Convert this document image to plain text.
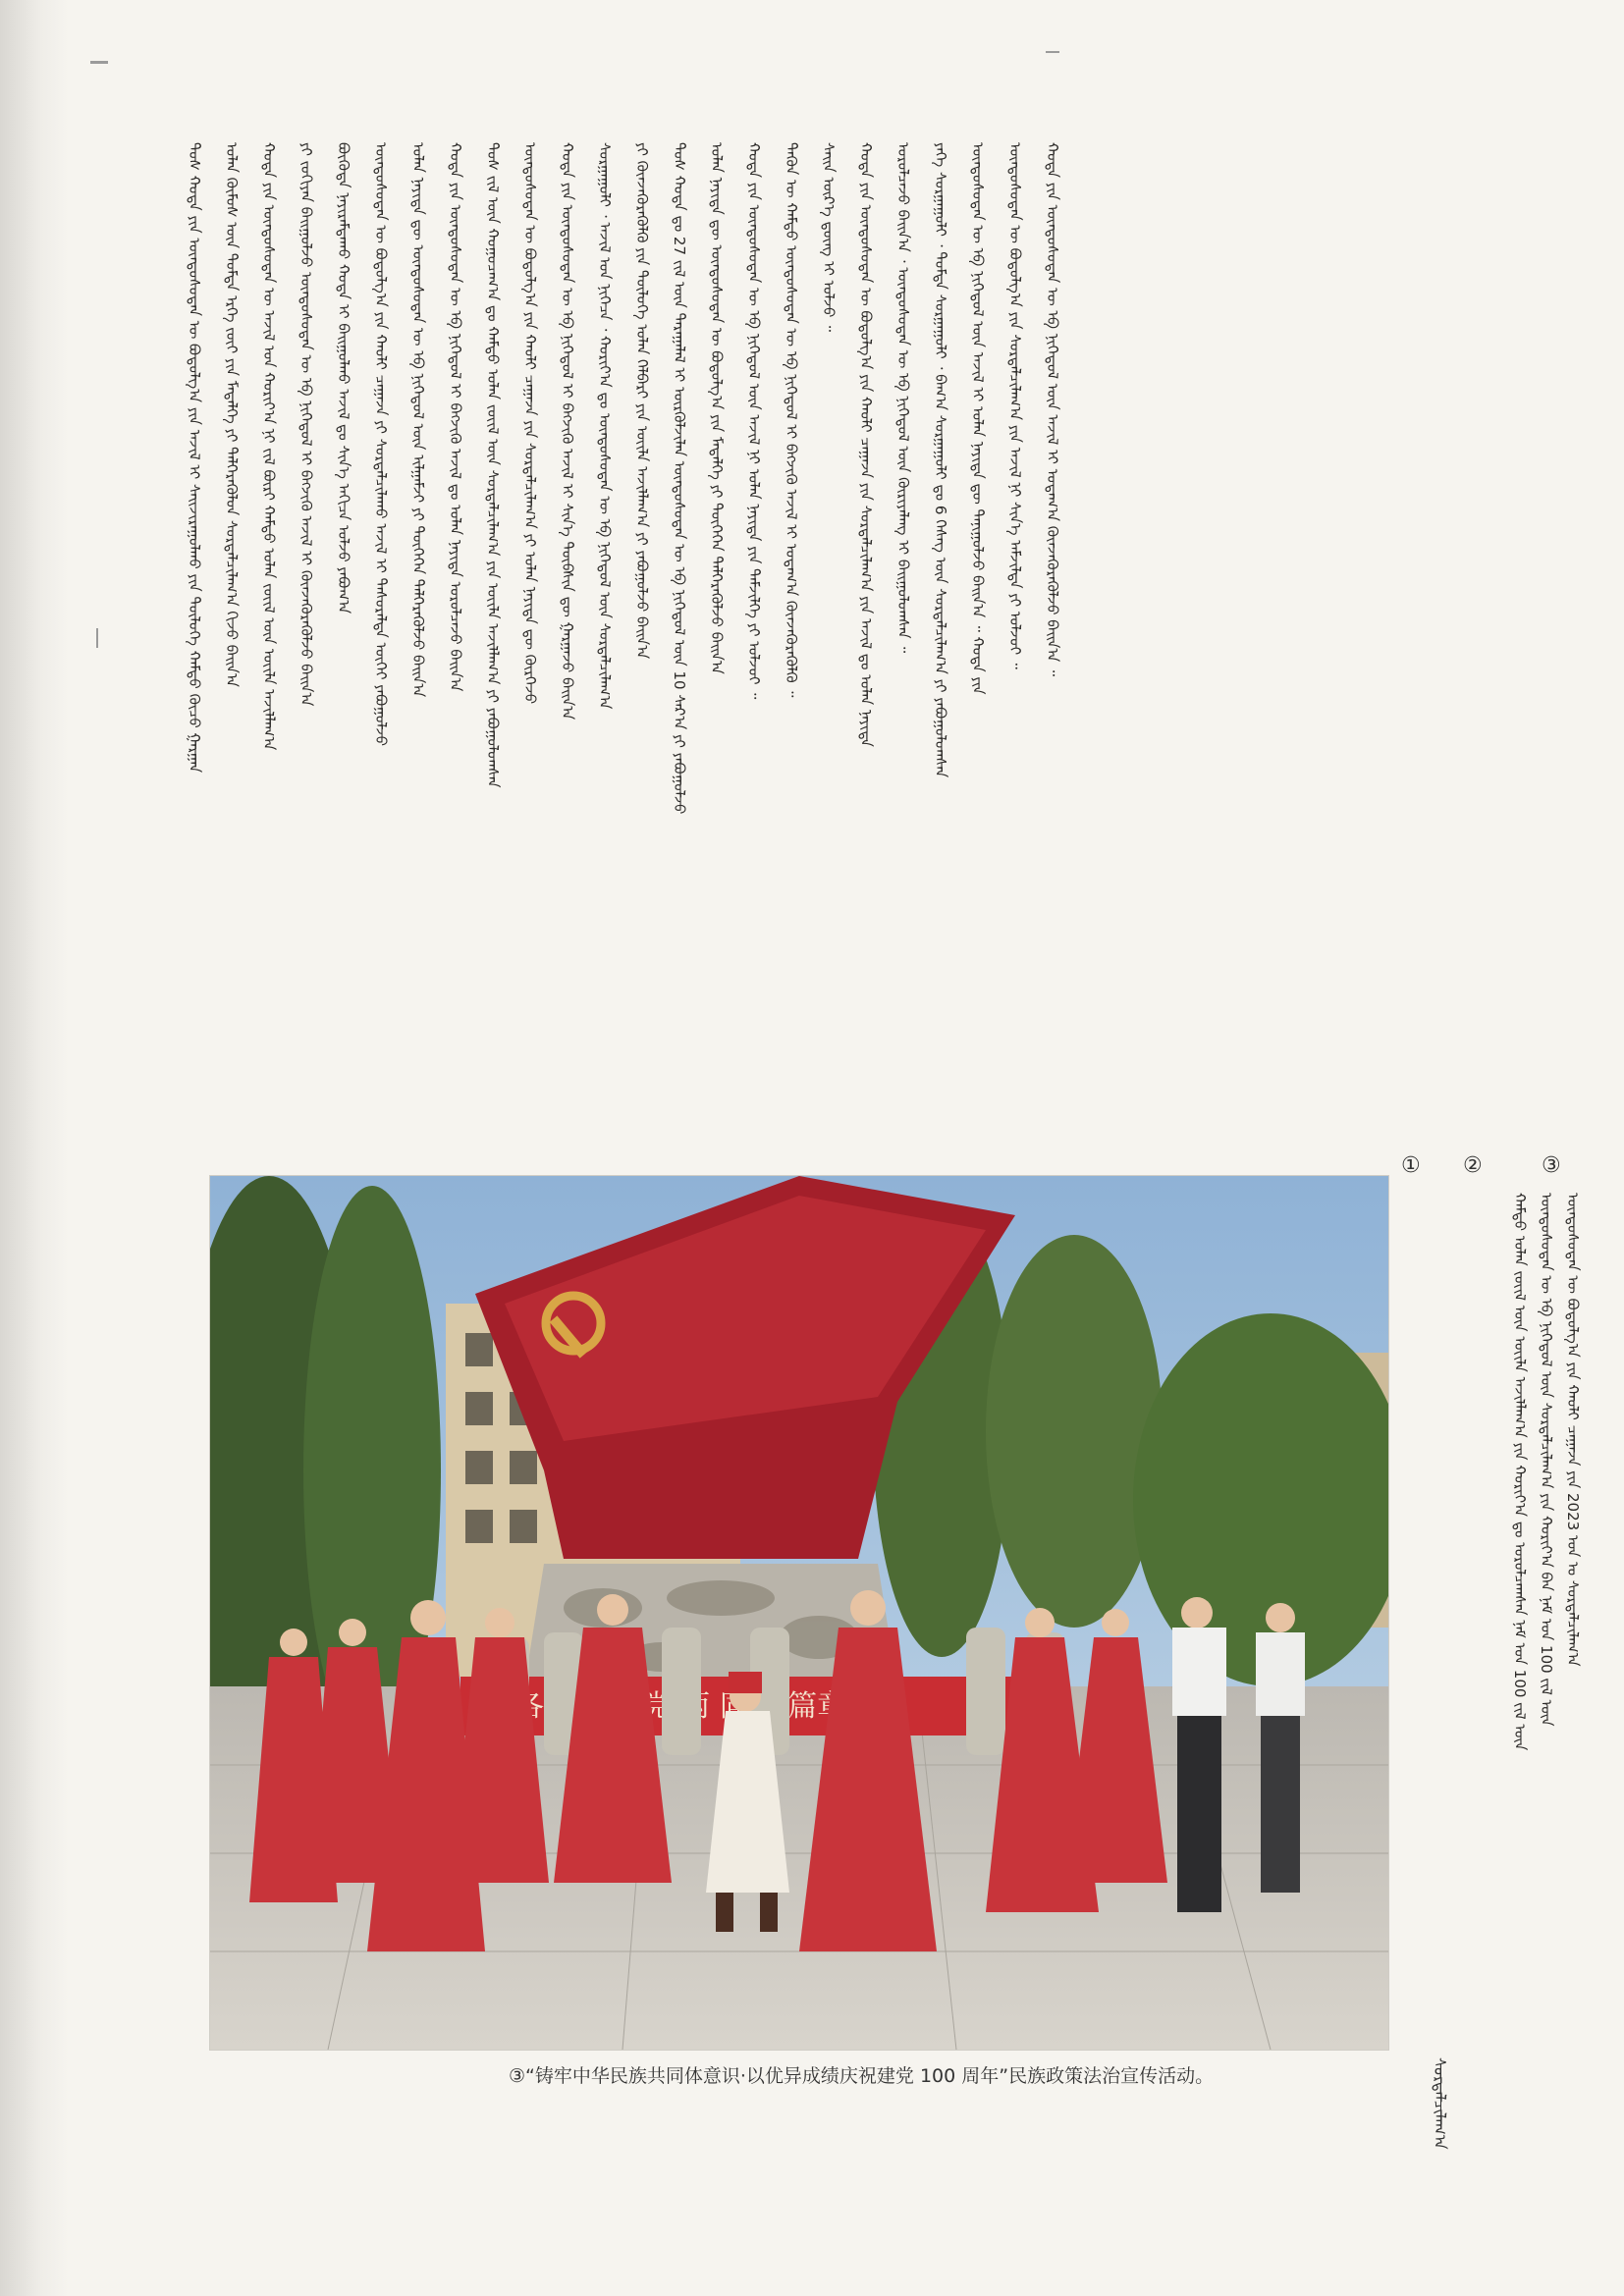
ᠲᠤᠰ ᠬᠣᠲᠠ ᠶᠢᠨ ᠦᠨᠳᠦᠰᠦᠲᠡᠨ ᠦ ᠪᠣᠳᠤᠯᠭ᠎ᠠ ᠶᠢᠨ ᠠᠵᠢᠯ ᠢ ᠰᠠᠢᠵᠢᠷᠠᠭᠤᠯᠬᠤ ᠶᠢᠨ ᠲᠥᠯᠦᠭᠡ ᠬᠠᠮᠲᠤ ᠬᠦᠴᠦ ᠭᠠᠷᠭᠠᠨ ᠣᠯᠠᠨ ᠬᠦᠮᠦᠰ ᠦᠨ ᠳᠤᠮᠳᠠ ᠡᠷᠬᠡ ᠵᠦᠢ ᠶᠢᠨ ᠮᠡᠳᠡᠯᠭᠡ ᠶᠢ ᠳᠡᠯᠭᠡᠷᠡᠭᠦᠯᠦᠨ ᠰᠤᠷᠲᠠᠯᠴᠢᠯᠠᠭ᠎ᠠ ᠬᠢᠵᠦ ᠪᠠᠢᠨ᠎ᠠ ᠬᠣᠲᠠ ᠶᠢᠨ ᠦᠨᠳᠦᠰᠦᠲᠡᠨ ᠦ ᠠᠵᠢᠯ ᠤᠨ ᠬᠣᠷᠢᠶ᠎ᠠ ᠨᠢ ᠵᠢᠯ ᠪᠦᠷᠢ ᠬᠠᠮᠲᠤ ᠣᠯᠠᠨ ᠵᠦᠢᠯ ᠦᠨ ᠦᠢᠯᠡ ᠠᠵᠢᠯᠯᠠᠭ᠎ᠠ ᠶᠢ ᠵᠣᠬᠢᠶᠠᠨ ᠪᠠᠢᠭᠤᠯᠵᠤ ᠦᠨᠳᠦᠰᠦᠲᠡᠨ ᠦ ᠡᠪ ᠨᠢᠭᠡᠳᠦᠯ ᠢ ᠪᠡᠬᠵᠢᠬᠦ ᠠᠵᠢᠯ ᠢ ᠭᠦᠨᠵᠡᠭᠦᠷᠡᠭᠦᠯᠵᠦ ᠪᠠᠢᠨ᠎ᠠ ᠪᠦᠭᠦᠳᠡ ᠨᠠᠶᠢᠷᠠᠮᠳᠠᠬᠤ ᠬᠣᠲᠠ ᠢ ᠪᠠᠢᠭᠤᠯᠬᠤ ᠠᠵᠢᠯ ᠳᠤ ᠰᠢᠨ᠎ᠡ ᠠᠬᠢᠴᠠ ᠣᠯᠵᠤ ᠶᠠᠪᠤᠭ᠎ᠠ ᠦᠨᠳᠦᠰᠦᠲᠡᠨ ᠦ ᠪᠣᠳᠤᠯᠭ᠎ᠠ ᠶᠢᠨ ᠬᠠᠤᠯᠢ ᠴᠠᠭᠠᠵᠠ ᠶᠢ ᠰᠤᠷᠲᠠᠯᠴᠢᠯᠠᠬᠤ ᠠᠵᠢᠯ ᠢ ᠲᠠᠰᠤᠷᠠᠯᠲᠠ ᠦᠭᠡᠢ ᠶᠠᠪᠤᠭᠤᠯᠵᠤ ᠣᠯᠠᠨ ᠨᠡᠶᠢᠲᠡ ᠳᠦ ᠦᠨᠳᠦᠰᠦᠲᠡᠨ ᠦ ᠡᠪ ᠨᠢᠭᠡᠳᠦᠯ ᠦᠨ ᠢᠯᠭᠠᠮᠵᠢ ᠶᠢ ᠲᠦᠭᠡᠬᠡᠨ ᠳᠡᠯᠭᠡᠷᠡᠭᠦᠯᠵᠦ ᠪᠠᠢᠨ᠎ᠠ ᠬᠣᠲᠠ ᠶᠢᠨ ᠦᠨᠳᠦᠰᠦᠲᠡᠨ ᠦ ᠡᠪ ᠨᠢᠭᠡᠳᠦᠯ ᠢ ᠪᠡᠬᠵᠢᠬᠦ ᠠᠵᠢᠯ ᠳᠤ ᠣᠯᠠᠨ ᠨᠡᠶᠢᠲᠡ ᠣᠷᠤᠯᠴᠠᠵᠤ ᠪᠠᠢᠨ᠎ᠠ ᠲᠤᠰ ᠵᠢᠯ ᠦᠨ ᠬᠤᠭᠤᠴᠠᠭ᠎ᠠ ᠳᠤ ᠬᠠᠮᠲᠤ ᠣᠯᠠᠨ ᠵᠦᠢᠯ ᠦᠨ ᠰᠤᠷᠲᠠᠯᠴᠢᠯᠠᠭ᠎ᠠ ᠶᠢᠨ ᠦᠢᠯᠡ ᠠᠵᠢᠯᠯᠠᠭ᠎ᠠ ᠶᠢ ᠶᠠᠪᠤᠭᠤᠯᠤᠭᠰᠠᠨ ᠦᠨᠳᠦᠰᠦᠲᠡᠨ ᠦ ᠪᠣᠳᠤᠯᠭ᠎ᠠ ᠶᠢᠨ ᠬᠠᠤᠯᠢ ᠴᠠᠭᠠᠵᠠ ᠶᠢᠨ ᠰᠤᠷᠲᠠᠯᠴᠢᠯᠠᠭ᠎ᠠ ᠶᠢ ᠣᠯᠠᠨ ᠨᠡᠶᠢᠲᠡ ᠳᠦ ᠬᠦᠷᠭᠡᠵᠦ ᠬᠣᠲᠠ ᠶᠢᠨ ᠦᠨᠳᠦᠰᠦᠲᠡᠨ ᠦ ᠡᠪ ᠨᠢᠭᠡᠳᠦᠯ ᠢ ᠪᠡᠬᠵᠢᠬᠦ ᠠᠵᠢᠯ ᠢ ᠰᠢᠨ᠎ᠡ ᠲᠦᠪᠰᠢᠨ ᠳᠦ ᠭᠠᠷᠭᠠᠵᠤ ᠪᠠᠢᠨ᠎ᠠ ᠰᠤᠷᠭᠠᠭᠤᠯᠢ ᠂ ᠠᠵᠢᠯ ᠤᠨ ᠨᠢᠭᠡᠴᠡ ᠂ ᠬᠣᠷᠢᠶ᠎ᠠ ᠳᠤ ᠦᠨᠳᠦᠰᠦᠲᠡᠨ ᠦ ᠡᠪ ᠨᠢᠭᠡᠳᠦᠯ ᠦᠨ ᠰᠤᠷᠲᠠᠯᠴᠢᠯᠠᠭ᠎ᠠ ᠶᠢ ᠭᠦᠨᠵᠡᠭᠦᠷᠡᠭᠦᠯᠬᠦ ᠶᠢᠨ ᠲᠥᠯᠦᠭᠡ ᠣᠯᠠᠨ ᠬᠡᠯᠪᠡᠷᠢ ᠶᠢᠨ ᠦᠢᠯᠡ ᠠᠵᠢᠯᠯᠠᠭ᠎ᠠ ᠶᠢ ᠶᠠᠪᠤᠭᠤᠯᠵᠤ ᠪᠠᠢᠨ᠎ᠠ ᠲᠤᠰ ᠬᠣᠲᠠ ᠳᠤ 27 ᠵᠢᠯ ᠦᠨ ᠳᠠᠷᠠᠭᠠᠯᠠᠯ ᠢ ᠦᠷᠭᠦᠯᠵᠢᠯᠡᠨ ᠦᠨᠳᠦᠰᠦᠲᠡᠨ ᠦ ᠡᠪ ᠨᠢᠭᠡᠳᠦᠯ ᠦᠨ 10 ᠰᠠᠷ᠎ᠠ ᠶᠢ ᠶᠠᠪᠤᠭᠤᠯᠵᠤ ᠣᠯᠠᠨ ᠨᠡᠶᠢᠲᠡ ᠳᠦ ᠦᠨᠳᠦᠰᠦᠲᠡᠨ ᠦ ᠪᠣᠳᠤᠯᠭ᠎ᠠ ᠶᠢᠨ ᠮᠡᠳᠡᠯᠭᠡ ᠶᠢ ᠲᠦᠭᠡᠬᠡᠨ ᠳᠡᠯᠭᠡᠷᠡᠭᠦᠯᠵᠦ ᠪᠠᠢᠨ᠎ᠠ ᠬᠣᠲᠠ ᠶᠢᠨ ᠦᠨᠳᠦᠰᠦᠲᠡᠨ ᠦ ᠡᠪ ᠨᠢᠭᠡᠳᠦᠯ ᠦᠨ ᠠᠵᠢᠯ ᠨᠢ ᠣᠯᠠᠨ ᠨᠡᠶᠢᠲᠡ ᠶᠢᠨ ᠳᠡᠮᠵᠢᠯᠭᠡ ᠶᠢ ᠣᠯᠵᠤᠢ ᠃ ᠲᠡᠭᠦᠨ ᠦ ᠬᠠᠮᠲᠤ ᠦᠨᠳᠦᠰᠦᠲᠡᠨ ᠦ ᠡᠪ ᠨᠢᠭᠡᠳᠦᠯ ᠢ ᠪᠡᠬᠵᠢᠬᠦ ᠠᠵᠢᠯ ᠢ ᠤᠳᠠᠭ᠎ᠠ ᠭᠦᠨᠵᠡᠭᠦᠷᠡᠭᠦᠯᠬᠦ ᠃ ᠰᠠᠢᠨ ᠦᠷ᠎ᠡ ᠳ᠋ᠦᠩ ᠢ ᠣᠯᠵᠤ ᠃ ᠬᠣᠲᠠ ᠶᠢᠨ ᠦᠨᠳᠦᠰᠦᠲᠡᠨ ᠦ ᠪᠣᠳᠤᠯᠭ᠎ᠠ ᠶᠢᠨ ᠬᠠᠤᠯᠢ ᠴᠠᠭᠠᠵᠠ ᠶᠢᠨ ᠰᠤᠷᠲᠠᠯᠴᠢᠯᠠᠭ᠎ᠠ ᠶᠢᠨ ᠠᠵᠢᠯ ᠳᠤ ᠣᠯᠠᠨ ᠨᠡᠶᠢᠲᠡ ᠣᠷᠤᠯᠴᠠᠵᠤ ᠪᠠᠢᠨ᠎ᠠ ᠂ ᠦᠨᠳᠦᠰᠦᠲᠡᠨ ᠦ ᠡᠪ ᠨᠢᠭᠡᠳᠦᠯ ᠦᠨ ᠬᠦᠷᠢᠶᠡᠯᠡᠩ ᠢ ᠪᠠᠢᠭᠤᠯᠤᠭᠰᠠᠨ ᠃ ᠶᠡᠬᠡ ᠰᠤᠷᠭᠠᠭᠤᠯᠢ ᠂ ᠳᠤᠮᠳᠠ ᠰᠤᠷᠭᠠᠭᠤᠯᠢ ᠂ ᠪᠠᠭ᠎ᠠ ᠰᠤᠷᠭᠠᠭᠤᠯᠢ ᠳᠤ 6 ᠬᠡᠰᠡᠭ ᠦᠨ ᠰᠤᠷᠲᠠᠯᠴᠢᠯᠠᠭ᠎ᠠ ᠶᠢ ᠶᠠᠪᠤᠭᠤᠯᠤᠭᠰᠠᠨ ᠦᠨᠳᠦᠰᠦᠲᠡᠨ ᠦ ᠡᠪ ᠨᠢᠭᠡᠳᠦᠯ ᠦᠨ ᠠᠵᠢᠯ ᠢ ᠣᠯᠠᠨ ᠨᠡᠶᠢᠲᠡ ᠳᠦ ᠲᠠᠨᠢᠭᠤᠯᠵᠤ ᠪᠠᠢᠨ᠎ᠠ ᠃ ᠬᠣᠲᠠ ᠶᠢᠨ ᠦᠨᠳᠦᠰᠦᠲᠡᠨ ᠦ ᠪᠣᠳᠤᠯᠭ᠎ᠠ ᠶᠢᠨ ᠰᠤᠷᠲᠠᠯᠴᠢᠯᠠᠭ᠎ᠠ ᠶᠢᠨ ᠠᠵᠢᠯ ᠨᠢ ᠰᠢᠨ᠎ᠡ ᠠᠮᠵᠢᠯᠲᠠ ᠶᠢ ᠣᠯᠵᠤᠢ ᠃ ᠬᠣᠲᠠ ᠶᠢᠨ ᠦᠨᠳᠦᠰᠦᠲᠡᠨ ᠦ ᠡᠪ ᠨᠢᠭᠡᠳᠦᠯ ᠦᠨ ᠠᠵᠢᠯ ᠢ ᠤᠳᠠᠭ᠎ᠠ ᠭᠦᠨᠵᠡᠭᠦᠷᠡᠭᠦᠯᠵᠦ ᠪᠠᠢᠨ᠎ᠠ ᠃
① ②	③
ᠬᠠᠮᠲᠤ ᠣᠯᠠᠨ ᠵᠦᠢᠯ ᠦᠨ ᠦᠢᠯᠡ ᠠᠵᠢᠯᠯᠠᠭ᠎ᠠ ᠶᠢᠨ ᠬᠣᠷᠢᠶ᠎ᠠ ᠳᠤ ᠣᠷᠤᠯᠴᠠᠭᠰᠠᠨ ᠨᠠᠮ ᠤᠨ 100 ᠵᠢᠯ ᠦᠨ ᠦᠨᠳᠦᠰᠦᠲᠡᠨ ᠦ ᠡᠪ ᠨᠢᠭᠡᠳᠦᠯ ᠦᠨ ᠰᠤᠷᠲᠠᠯᠴᠢᠯᠠᠭ᠎ᠠ ᠶᠢᠨ ᠬᠣᠷᠢᠶ᠎ᠠ ᠪᠠᠨ ᠨᠠᠮ ᠤᠨ 100 ᠵᠢᠯ ᠦᠨ ᠦᠨᠳᠦᠰᠦᠲᠡᠨ ᠦ ᠪᠣᠳᠤᠯᠭ᠎ᠠ ᠶᠢᠨ ᠬᠠᠤᠯᠢ ᠴᠠᠭᠠᠵᠠ ᠶᠢᠨ 2023 ᠣᠨ ᠤ ᠰᠤᠷᠲᠠᠯᠴᠢᠯᠠᠭ᠎ᠠ
新篇章
③“铸牢中华民族共同体意识·以优异成绩庆祝建党 100 周年”民族政策法治宣传活动。	ᠰᠤᠷᠲᠠᠯᠴᠢᠯᠠᠭ᠎ᠠ
